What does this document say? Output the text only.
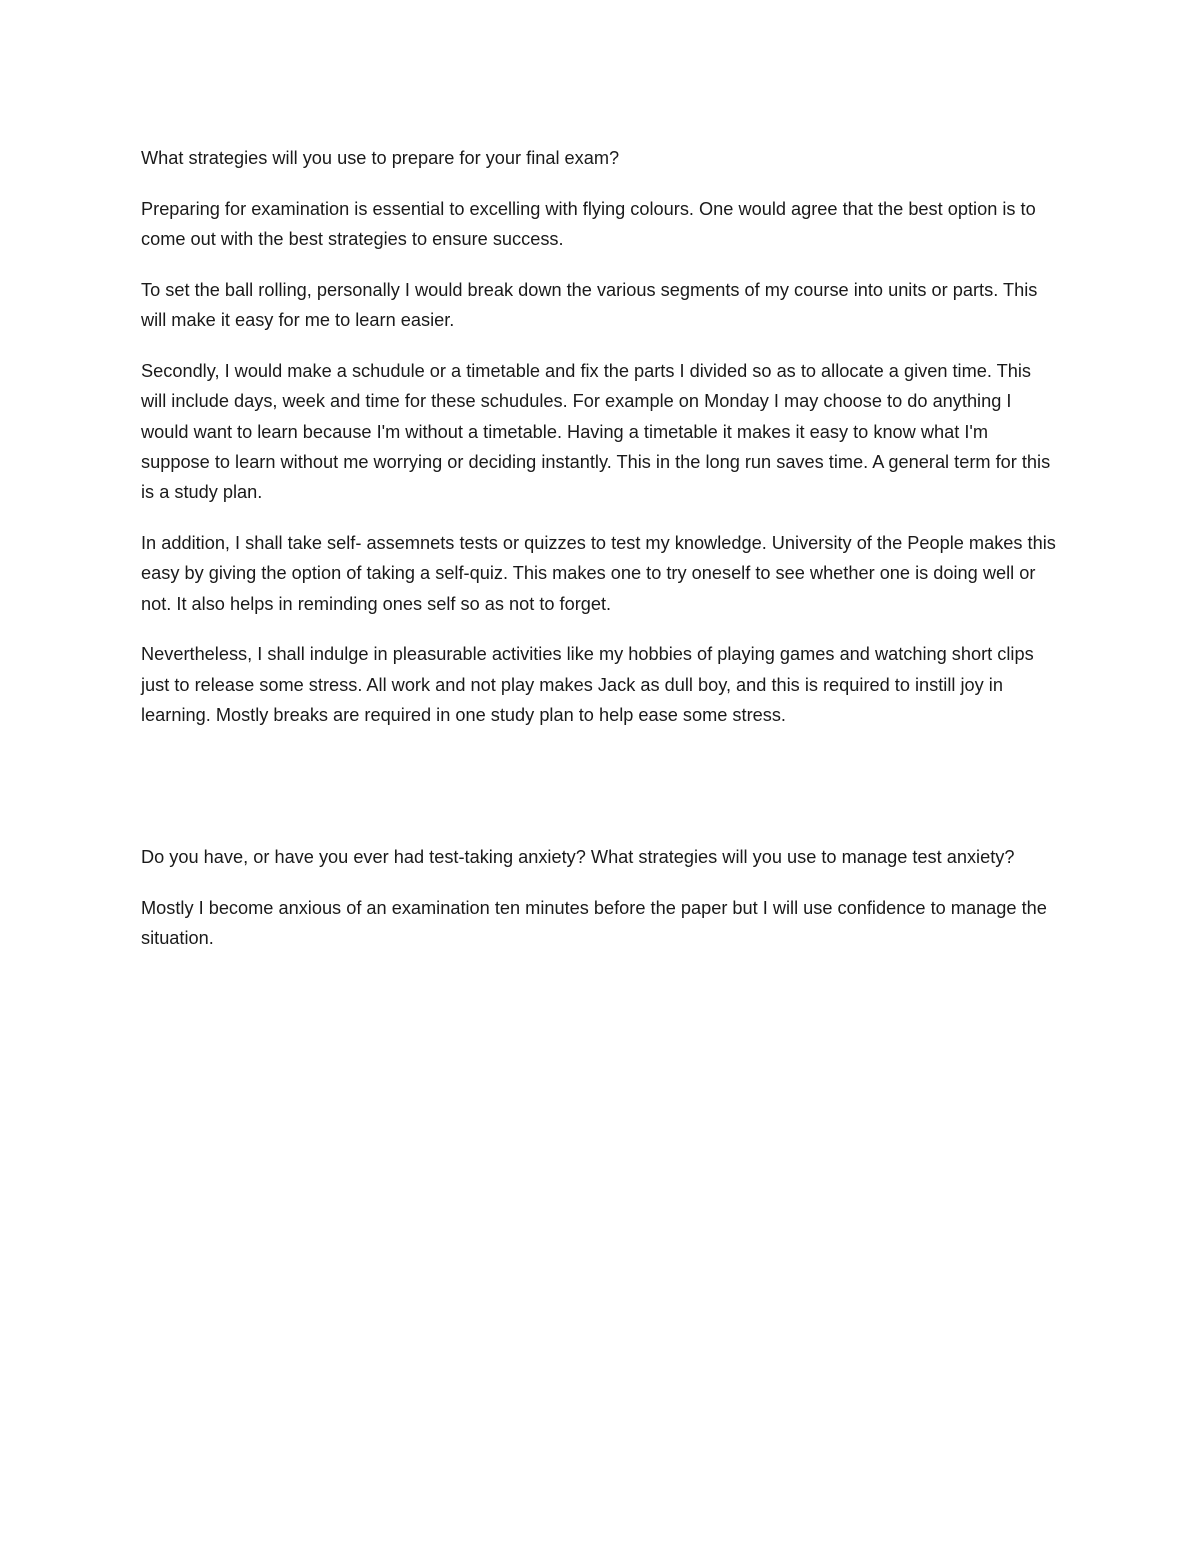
What strategies will you use to prepare for your final exam?

Preparing for examination is essential to excelling with flying colours. One would agree that the best option is to come out with the best strategies to ensure success.

To set the ball rolling, personally I would break down the various segments of my course into units or parts. This will make it easy for me to learn easier.

Secondly, I would make a schudule or a timetable and fix the parts I divided so as to allocate a given time. This will include days, week and time for these schudules. For example on Monday I may choose to do anything I would want to learn because I'm without a timetable. Having a timetable it makes it easy to know what I'm suppose to learn without me worrying or deciding instantly. This in the long run saves time. A general term for this is a study plan.

In addition, I shall take self- assemnets tests or quizzes to test my knowledge. University of the People makes this easy by giving the option of taking a self-quiz. This makes one to try oneself to see whether one is doing well or not. It also helps in reminding ones self so as not to forget.

Nevertheless, I shall indulge in pleasurable activities like my hobbies of playing games and watching short clips just to release some stress. All work and not play makes Jack as dull boy, and this is required to instill joy in learning. Mostly breaks are required in one study plan to help ease some stress.

Do you have, or have you ever had test-taking anxiety? What strategies will you use to manage test anxiety?

Mostly I become anxious of an examination ten minutes before the paper but I will use confidence to manage the situation.
